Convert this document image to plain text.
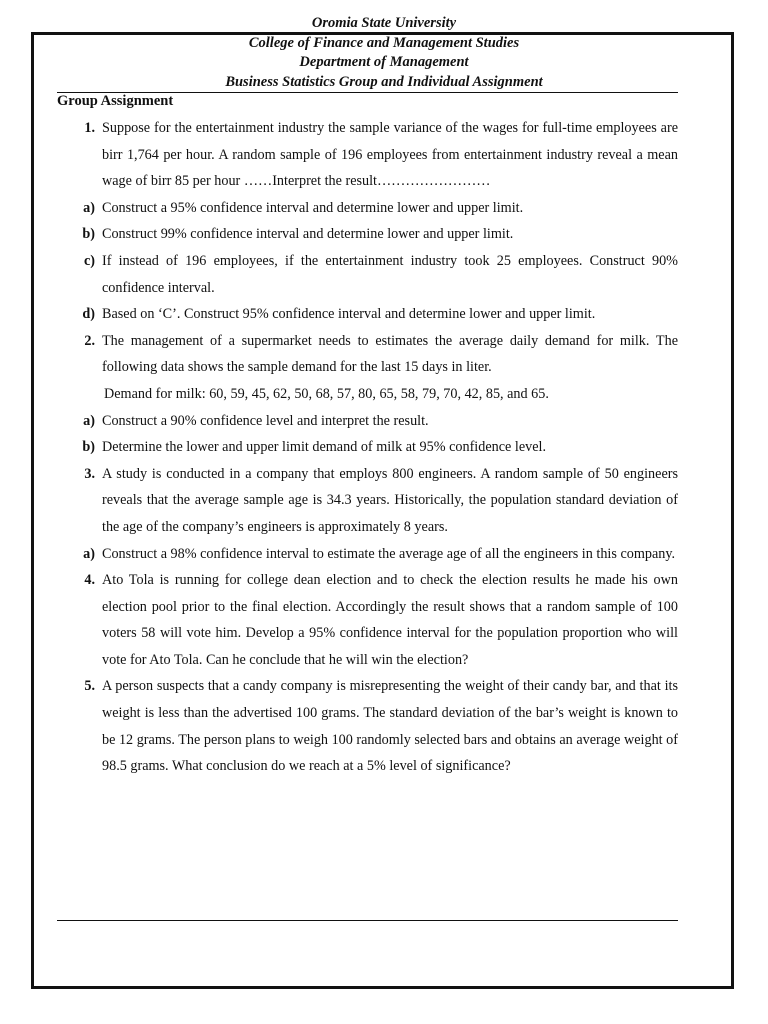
Oromia State University
College of Finance and Management Studies
Department of Management
Business Statistics Group and Individual Assignment
Group Assignment
1. Suppose for the entertainment industry the sample variance of the wages for full-time employees are birr 1,764 per hour. A random sample of 196 employees from entertainment industry reveal a mean wage of birr 85 per hour ……Interpret the result……………………
a) Construct a 95% confidence interval and determine lower and upper limit.
b) Construct 99% confidence interval and determine lower and upper limit.
c) If instead of 196 employees, if the entertainment industry took 25 employees. Construct 90% confidence interval.
d) Based on ‘C’. Construct 95% confidence interval and determine lower and upper limit.
2. The management of a supermarket needs to estimates the average daily demand for milk. The following data shows the sample demand for the last 15 days in liter.
Demand for milk: 60, 59, 45, 62, 50, 68, 57, 80, 65, 58, 79, 70, 42, 85, and 65.
a) Construct a 90% confidence level and interpret the result.
b) Determine the lower and upper limit demand of milk at 95% confidence level.
3. A study is conducted in a company that employs 800 engineers. A random sample of 50 engineers reveals that the average sample age is 34.3 years. Historically, the population standard deviation of the age of the company’s engineers is approximately 8 years.
a) Construct a 98% confidence interval to estimate the average age of all the engineers in this company.
4. Ato Tola is running for college dean election and to check the election results he made his own election pool prior to the final election. Accordingly the result shows that a random sample of 100 voters 58 will vote him. Develop a 95% confidence interval for the population proportion who will vote for Ato Tola. Can he conclude that he will win the election?
5. A person suspects that a candy company is misrepresenting the weight of their candy bar, and that its weight is less than the advertised 100 grams. The standard deviation of the bar’s weight is known to be 12 grams. The person plans to weigh 100 randomly selected bars and obtains an average weight of 98.5 grams. What conclusion do we reach at a 5% level of significance?
